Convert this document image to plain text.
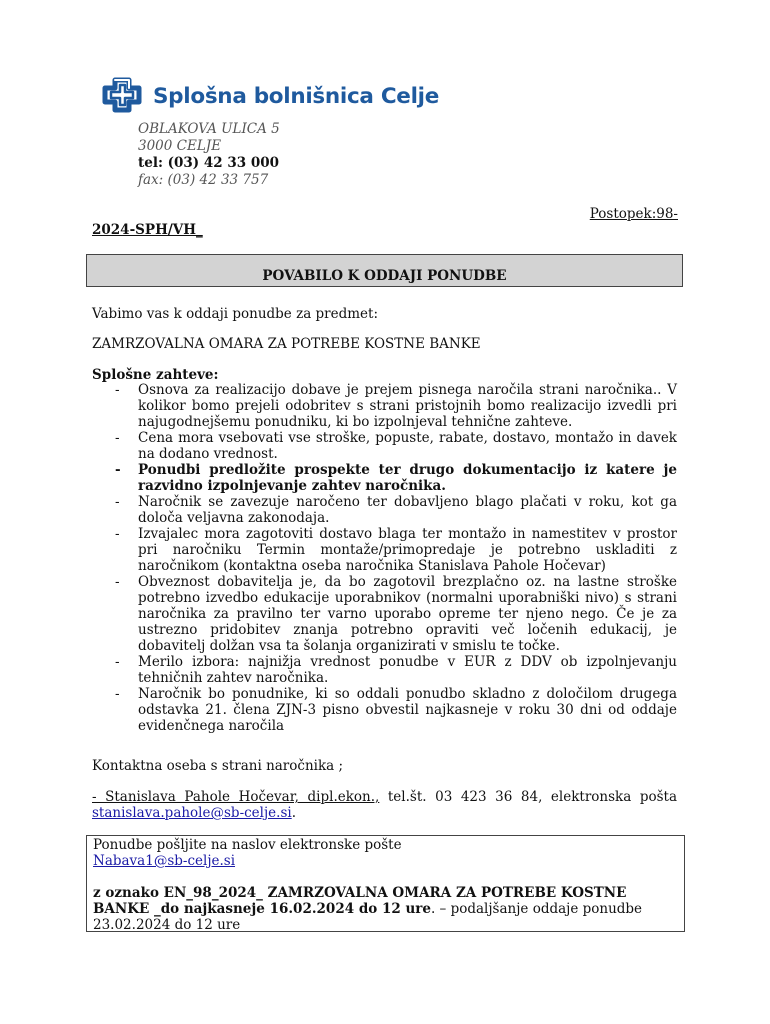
Splošna bolnišnica Celje
OBLAKOVA ULICA 5
3000 CELJE
tel: (03) 42 33 000
fax: (03) 42 33 757
Postopek:98-
2024-SPH/VH_
POVABILO K ODDAJI PONUDBE
Vabimo vas k oddaji ponudbe za predmet:
ZAMRZOVALNA OMARA ZA POTREBE KOSTNE BANKE
Splošne zahteve:
- Osnova za realizacijo dobave je prejem pisnega naročila strani naročnika.. V kolikor bomo prejeli odobritev s strani pristojnih bomo realizacijo izvedli pri najugodnejšemu ponudniku, ki bo izpolnjeval tehnične zahteve.
- Cena mora vsebovati vse stroške, popuste, rabate, dostavo, montažo in davek na dodano vrednost.
- Ponudbi predložite prospekte ter drugo dokumentacijo iz katere je razvidno izpolnjevanje zahtev naročnika.
- Naročnik se zavezuje naročeno ter dobavljeno blago plačati v roku, kot ga določa veljavna zakonodaja.
- Izvajalec mora zagotoviti dostavo blaga ter montažo in namestitev v prostor pri naročniku Termin montaže/primopredaje je potrebno uskladiti z naročnikom (kontaktna oseba naročnika Stanislava Pahole Hočevar)
- Obveznost dobavitelja je, da bo zagotovil brezplačno oz. na lastne stroške potrebno izvedbo edukacije uporabnikov (normalni uporabniški nivo) s strani naročnika za pravilno ter varno uporabo opreme ter njeno nego. Če je za ustrezno pridobitev znanja potrebno opraviti več ločenih edukacij, je dobavitelj dolžan vsa ta šolanja organizirati v smislu te točke.
- Merilo izbora: najnižja vrednost ponudbe v EUR z DDV ob izpolnjevanju tehničnih zahtev naročnika.
- Naročnik bo ponudnike, ki so oddali ponudbo skladno z določilom drugega odstavka 21. člena ZJN-3 pisno obvestil najkasneje v roku 30 dni od oddaje evidenčnega naročila
Kontaktna oseba s strani naročnika ;
- Stanislava Pahole Hočevar, dipl.ekon., tel.št. 03 423 36 84, elektronska pošta stanislava.pahole@sb-celje.si.
Ponudbe pošljite na naslov elektronske pošte
Nabava1@sb-celje.si
z oznako EN_98_2024_ ZAMRZOVALNA OMARA ZA POTREBE KOSTNE BANKE _do najkasneje 16.02.2024 do 12 ure. – podaljšanje oddaje ponudbe 23.02.2024 do 12 ure
